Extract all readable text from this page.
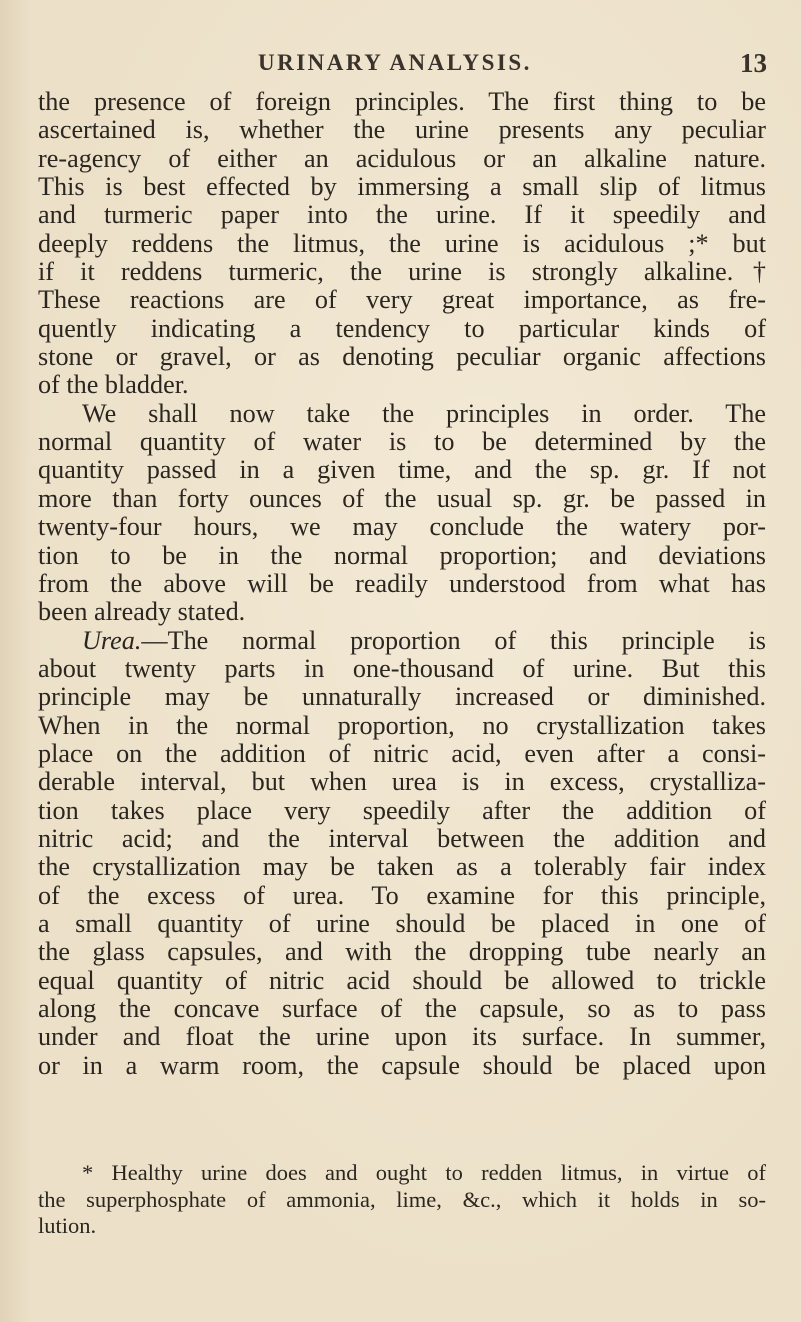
URINARY ANALYSIS.	13
the presence of foreign principles. The first thing to be
ascertained is, whether the urine presents any peculiar
re-agency of either an acidulous or an alkaline nature.
This is best effected by immersing a small slip of litmus
and turmeric paper into the urine. If it speedily and
deeply reddens the litmus, the urine is acidulous ;* but
if it reddens turmeric, the urine is strongly alkaline.†
These reactions are of very great importance, as fre-
quently indicating a tendency to particular kinds of
stone or gravel, or as denoting peculiar organic affections
of the bladder.
We shall now take the principles in order. The
normal quantity of water is to be determined by the
quantity passed in a given time, and the sp. gr. If not
more than forty ounces of the usual sp. gr. be passed in
twenty-four hours, we may conclude the watery por-
tion to be in the normal proportion; and deviations
from the above will be readily understood from what has
been already stated.
Urea.—The normal proportion of this principle is
about twenty parts in one-thousand of urine. But this
principle may be unnaturally increased or diminished.
When in the normal proportion, no crystallization takes
place on the addition of nitric acid, even after a consi-
derable interval, but when urea is in excess, crystalliza-
tion takes place very speedily after the addition of
nitric acid; and the interval between the addition and
the crystallization may be taken as a tolerably fair index
of the excess of urea. To examine for this principle,
a small quantity of urine should be placed in one of
the glass capsules, and with the dropping tube nearly an
equal quantity of nitric acid should be allowed to trickle
along the concave surface of the capsule, so as to pass
under and float the urine upon its surface. In summer,
or in a warm room, the capsule should be placed upon
* Healthy urine does and ought to redden litmus, in virtue of
the superphosphate of ammonia, lime, &c., which it holds in so-
lution.
